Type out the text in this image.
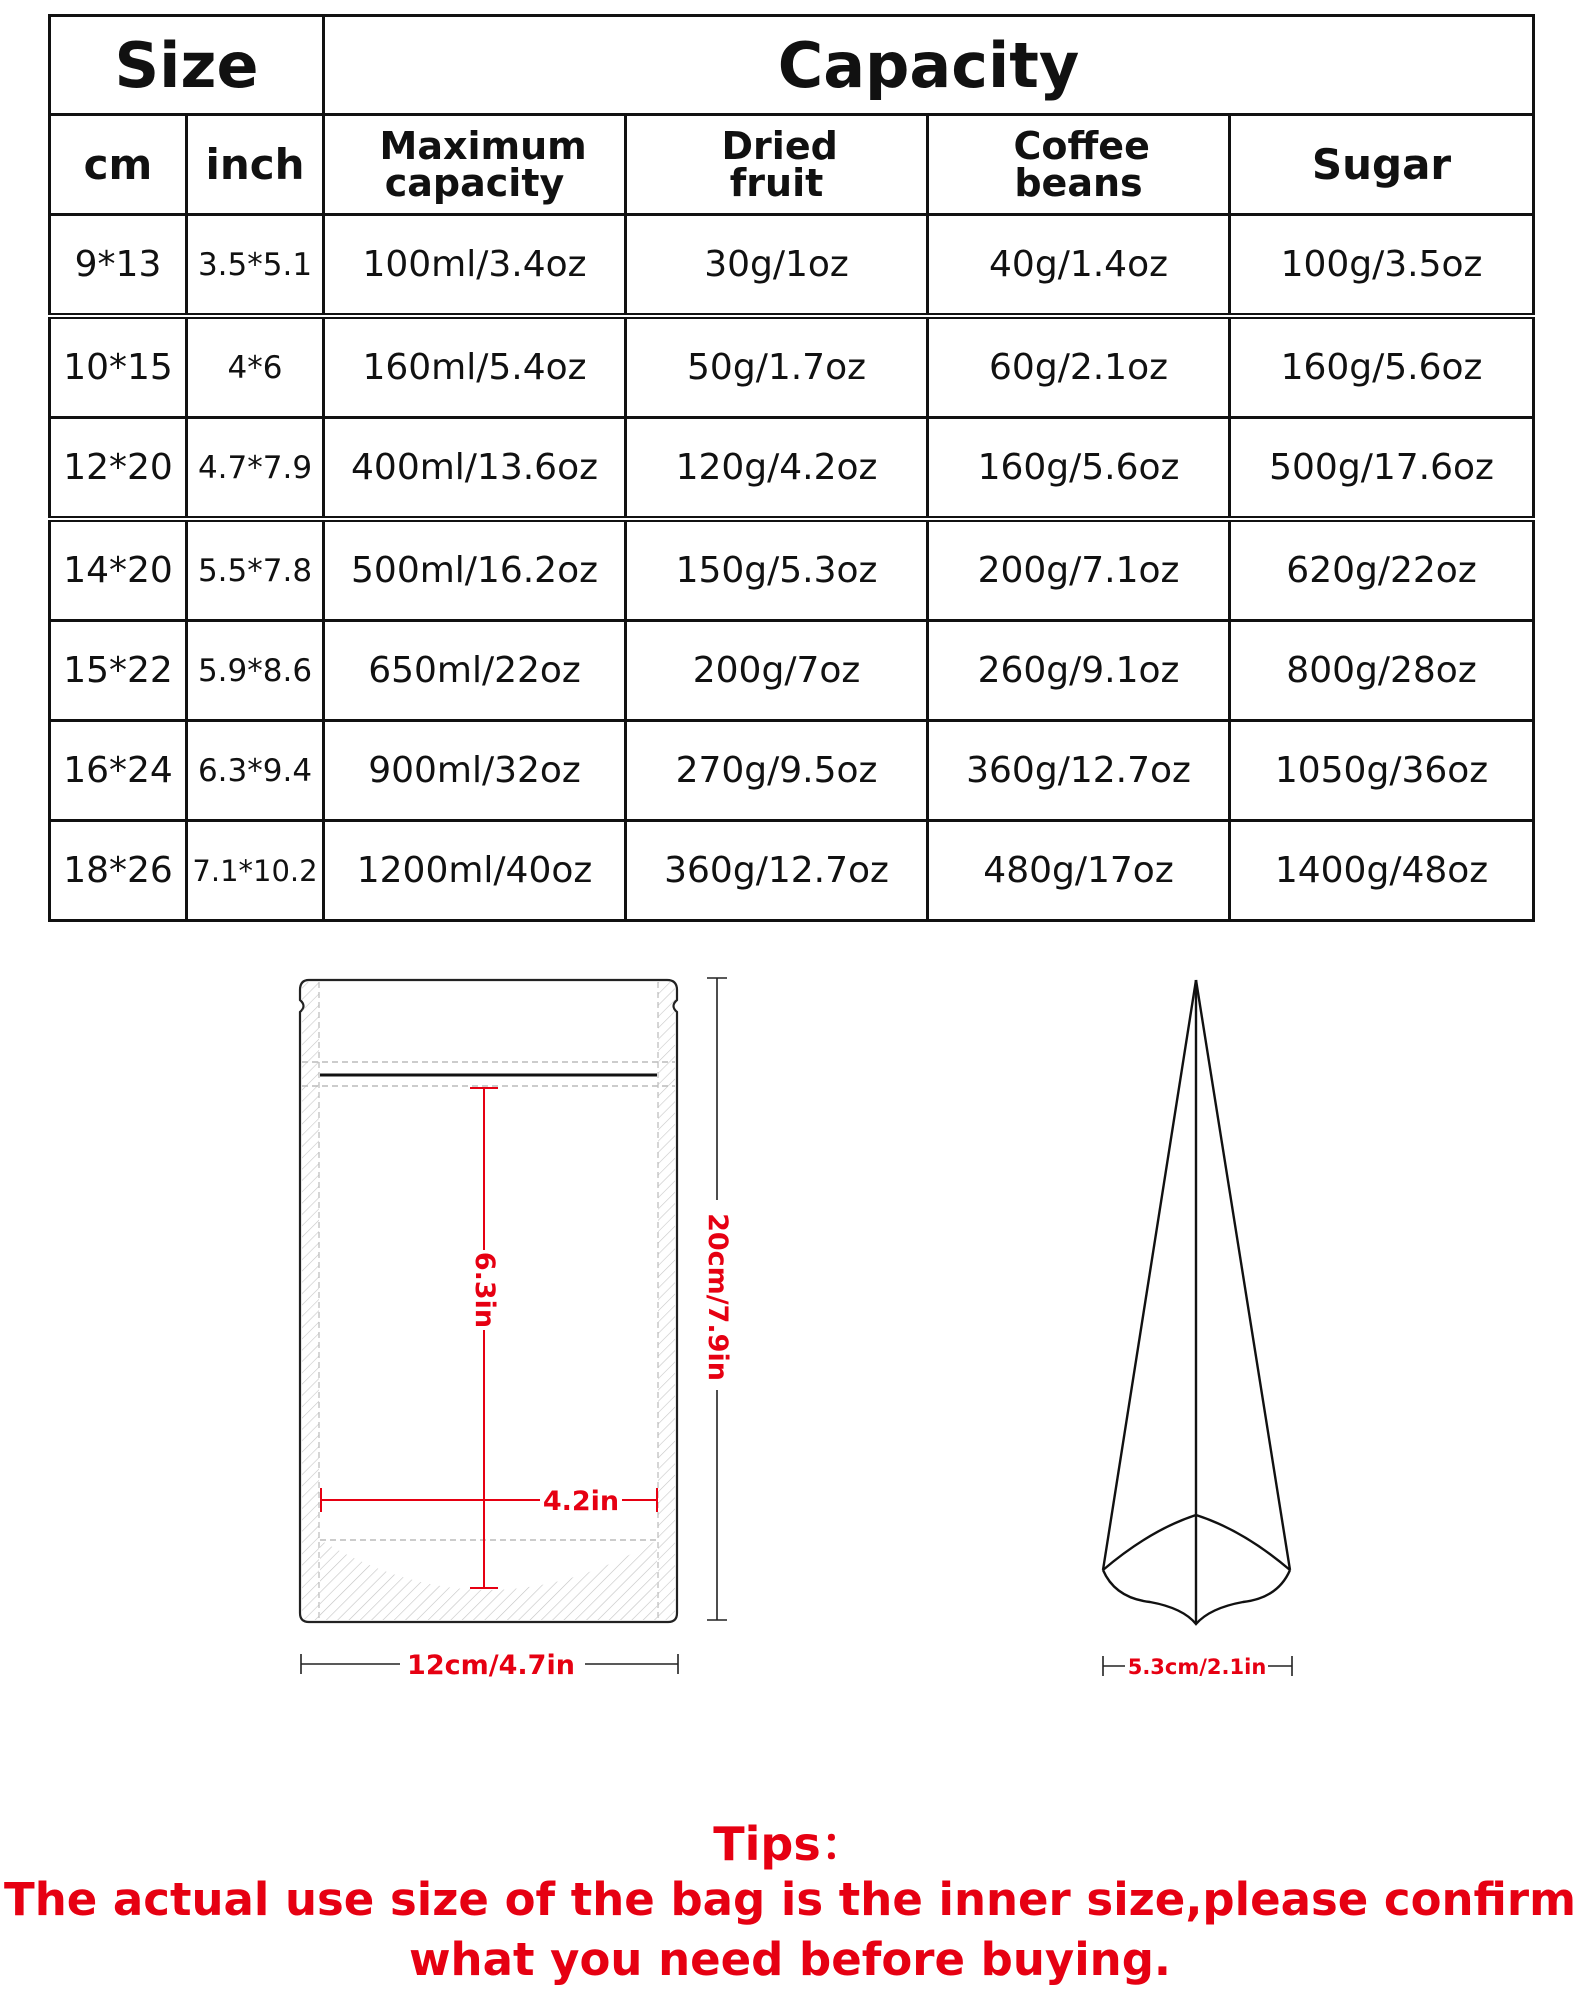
Size		Capacity			
cm	inch	Maximum capacity	Dried fruit	Coffee beans	Sugar
9*13	3.5*5.1	100ml/3.4oz	30g/1oz	40g/1.4oz	100g/3.5oz
10*15	4*6	160ml/5.4oz	50g/1.7oz	60g/2.1oz	160g/5.6oz
12*20	4.7*7.9	400ml/13.6oz	120g/4.2oz	160g/5.6oz	500g/17.6oz
14*20	5.5*7.8	500ml/16.2oz	150g/5.3oz	200g/7.1oz	620g/22oz
15*22	5.9*8.6	650ml/22oz	200g/7oz	260g/9.1oz	800g/28oz
16*24	6.3*9.4	900ml/32oz	270g/9.5oz	360g/12.7oz	1050g/36oz
18*26	7.1*10.2	1200ml/40oz	360g/12.7oz	480g/17oz	1400g/48oz
6.3in
4.2in
20cm/7.9in
12cm/4.7in	5.3cm/2.1in
Tips：
The actual use size of the bag is the inner size,please confirm
what you need before buying.
